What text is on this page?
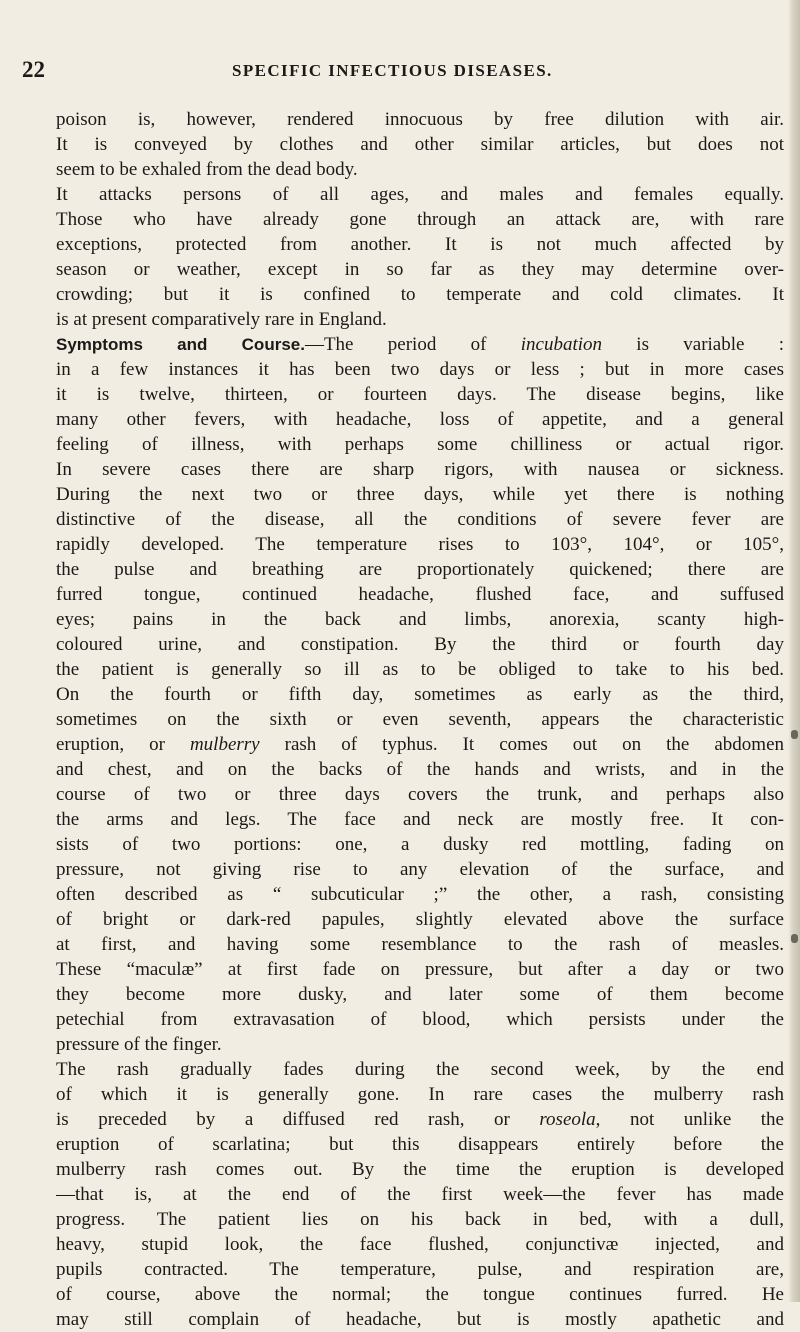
22	SPECIFIC INFECTIOUS DISEASES.
poison is, however, rendered innocuous by free dilution with air.
It is conveyed by clothes and other similar articles, but does not
seem to be exhaled from the dead body.
It attacks persons of all ages, and males and females equally.
Those who have already gone through an attack are, with rare
exceptions, protected from another. It is not much affected by
season or weather, except in so far as they may determine over-
crowding; but it is confined to temperate and cold climates. It
is at present comparatively rare in England.
Symptoms and Course.—The period of incubation is variable :
in a few instances it has been two days or less ; but in more cases
it is twelve, thirteen, or fourteen days. The disease begins, like
many other fevers, with headache, loss of appetite, and a general
feeling of illness, with perhaps some chilliness or actual rigor.
In severe cases there are sharp rigors, with nausea or sickness.
During the next two or three days, while yet there is nothing
distinctive of the disease, all the conditions of severe fever are
rapidly developed. The temperature rises to 103°, 104°, or 105°,
the pulse and breathing are proportionately quickened; there are
furred tongue, continued headache, flushed face, and suffused
eyes; pains in the back and limbs, anorexia, scanty high-
coloured urine, and constipation. By the third or fourth day
the patient is generally so ill as to be obliged to take to his bed.
On the fourth or fifth day, sometimes as early as the third,
sometimes on the sixth or even seventh, appears the characteristic
eruption, or mulberry rash of typhus. It comes out on the abdomen
and chest, and on the backs of the hands and wrists, and in the
course of two or three days covers the trunk, and perhaps also
the arms and legs. The face and neck are mostly free. It con-
sists of two portions: one, a dusky red mottling, fading on
pressure, not giving rise to any elevation of the surface, and
often described as “ subcuticular ;” the other, a rash, consisting
of bright or dark-red papules, slightly elevated above the surface
at first, and having some resemblance to the rash of measles.
These “maculæ” at first fade on pressure, but after a day or two
they become more dusky, and later some of them become
petechial from extravasation of blood, which persists under the
pressure of the finger.
The rash gradually fades during the second week, by the end
of which it is generally gone. In rare cases the mulberry rash
is preceded by a diffused red rash, or roseola, not unlike the
eruption of scarlatina; but this disappears entirely before the
mulberry rash comes out. By the time the eruption is developed
—that is, at the end of the first week—the fever has made
progress. The patient lies on his back in bed, with a dull,
heavy, stupid look, the face flushed, conjunctivæ injected, and
pupils contracted. The temperature, pulse, and respiration are,
of course, above the normal; the tongue continues furred. He
may still complain of headache, but is mostly apathetic and
